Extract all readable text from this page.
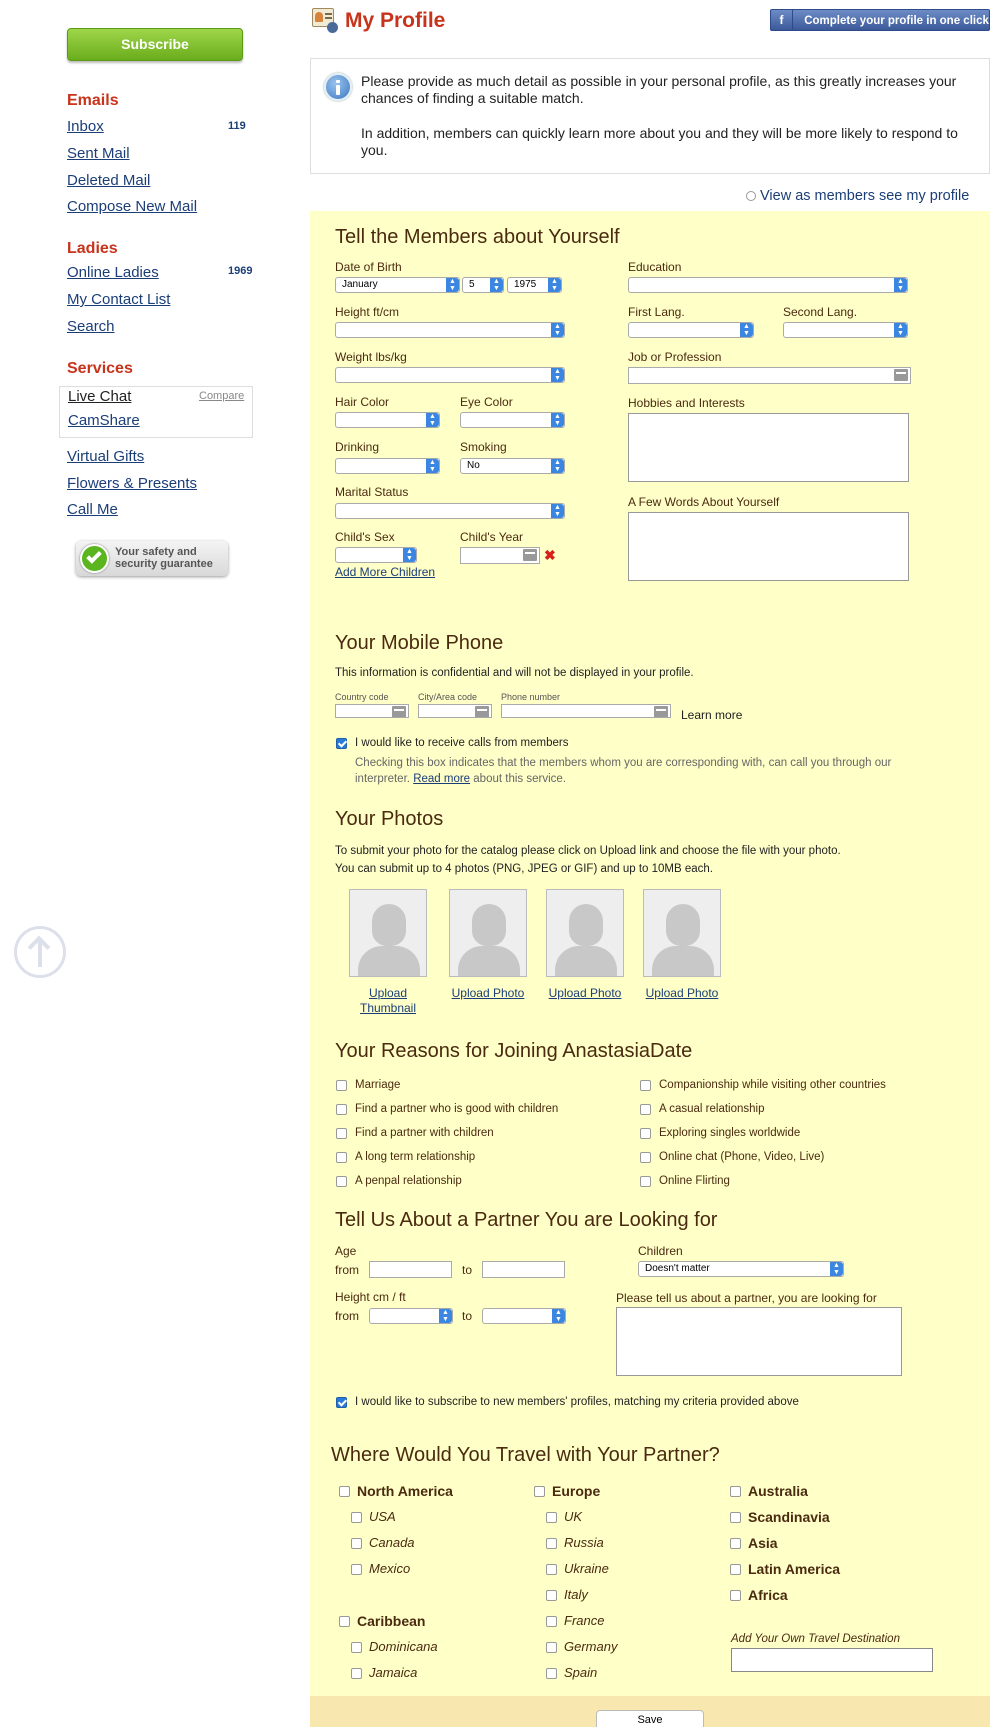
Subscribe
Emails
Inbox	119
Sent Mail
Deleted Mail
Compose New Mail
Ladies
Online Ladies	1969
My Contact List
Search
Services
Live Chat	Compare
CamShare
Virtual Gifts
Flowers & Presents
Call Me
Your safety and
security guarantee
My Profile	f Complete your profile in one click
Please provide as much detail as possible in your personal profile, as this greatly increases your chances of finding a suitable match.
In addition, members can quickly learn more about you and they will be more likely to respond to you.
View as members see my profile
Tell the Members about Yourself
Date of Birth
January	▲
▼	5	▲
▼	1975	▲
▼
Height ft/cm
▲
▼
Weight lbs/kg
▲
▼
Hair Color
▲
▼
Eye Color
▲
▼
Drinking
▲
▼
Smoking
No	▲
▼
Marital Status
▲
▼
Child's Sex
▲
▼
Child's Year
✖
Add More Children
Education
▲
▼
First Lang.
▲
▼
Second Lang.
▲
▼
Job or Profession
Hobbies and Interests
A Few Words About Yourself
Your Mobile Phone
This information is confidential and will not be displayed in your profile.
Country code	City/Area code	Phone number
Learn more
I would like to receive calls from members
Checking this box indicates that the members whom you are corresponding with, can call you through our interpreter. Read more about this service.
Your Photos
To submit your photo for the catalog please click on Upload link and choose the file with your photo.
You can submit up to 4 photos (PNG, JPEG or GIF) and up to 10MB each.
Upload
Thumbnail
Upload Photo	Upload Photo	Upload Photo
Your Reasons for Joining AnastasiaDate
Marriage
Find a partner who is good with children
Find a partner with children
A long term relationship
A penpal relationship
Companionship while visiting other countries
A casual relationship
Exploring singles worldwide
Online chat (Phone, Video, Live)
Online Flirting
Tell Us About a Partner You are Looking for
Age
from	to
Children
Doesn't matter	▲
▼
Height cm / ft
from	▲
▼ to	▲
▼
Please tell us about a partner, you are looking for
I would like to subscribe to new members' profiles, matching my criteria provided above
Where Would You Travel with Your Partner?
North America
USA
Canada
Mexico
Caribbean
Dominicana
Jamaica
Europe
UK
Russia
Ukraine
Italy
France
Germany
Spain
Australia
Scandinavia
Asia
Latin America
Africa
Add Your Own Travel Destination
Save
